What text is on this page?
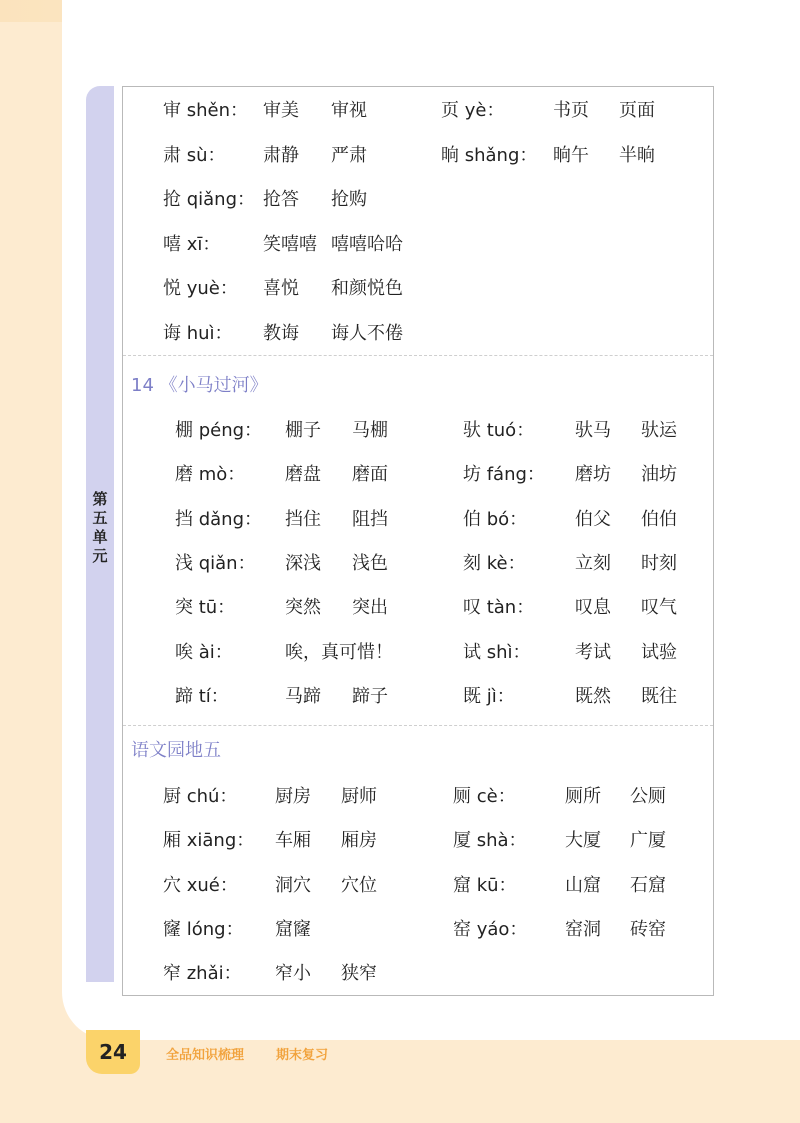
第五单元
审 shěn： 审美 审视	页 yè：	书页 页面
肃 sù： 肃静 严肃	晌 shǎng： 晌午 半晌
抢 qiǎng： 抢答 抢购
嘻 xī： 笑嘻嘻 嘻嘻哈哈
悦 yuè： 喜悦 和颜悦色
诲 huì： 教诲 诲人不倦
14 《小马过河》
棚 péng： 棚子 马棚	驮 tuó： 驮马 驮运
磨 mò： 磨盘 磨面	坊 fáng： 磨坊 油坊
挡 dǎng： 挡住 阻挡	伯 bó：	伯父 伯伯
浅 qiǎn： 深浅 浅色	刻 kè：	立刻 时刻
突 tū：	突然 突出	叹 tàn： 叹息 叹气
唉 ài：	唉，真可惜！	试 shì： 考试 试验
蹄 tí：	马蹄 蹄子	既 jì：	既然 既往
语文园地五
厨 chú： 厨房 厨师	厕 cè：	厕所 公厕
厢 xiāng： 车厢 厢房	厦 shà： 大厦 广厦
穴 xué： 洞穴 穴位	窟 kū：	山窟 石窟
窿 lóng： 窟窿	窑 yáo： 窑洞 砖窑
窄 zhǎi： 窄小 狭窄
24	全品知识梳理 期末复习
